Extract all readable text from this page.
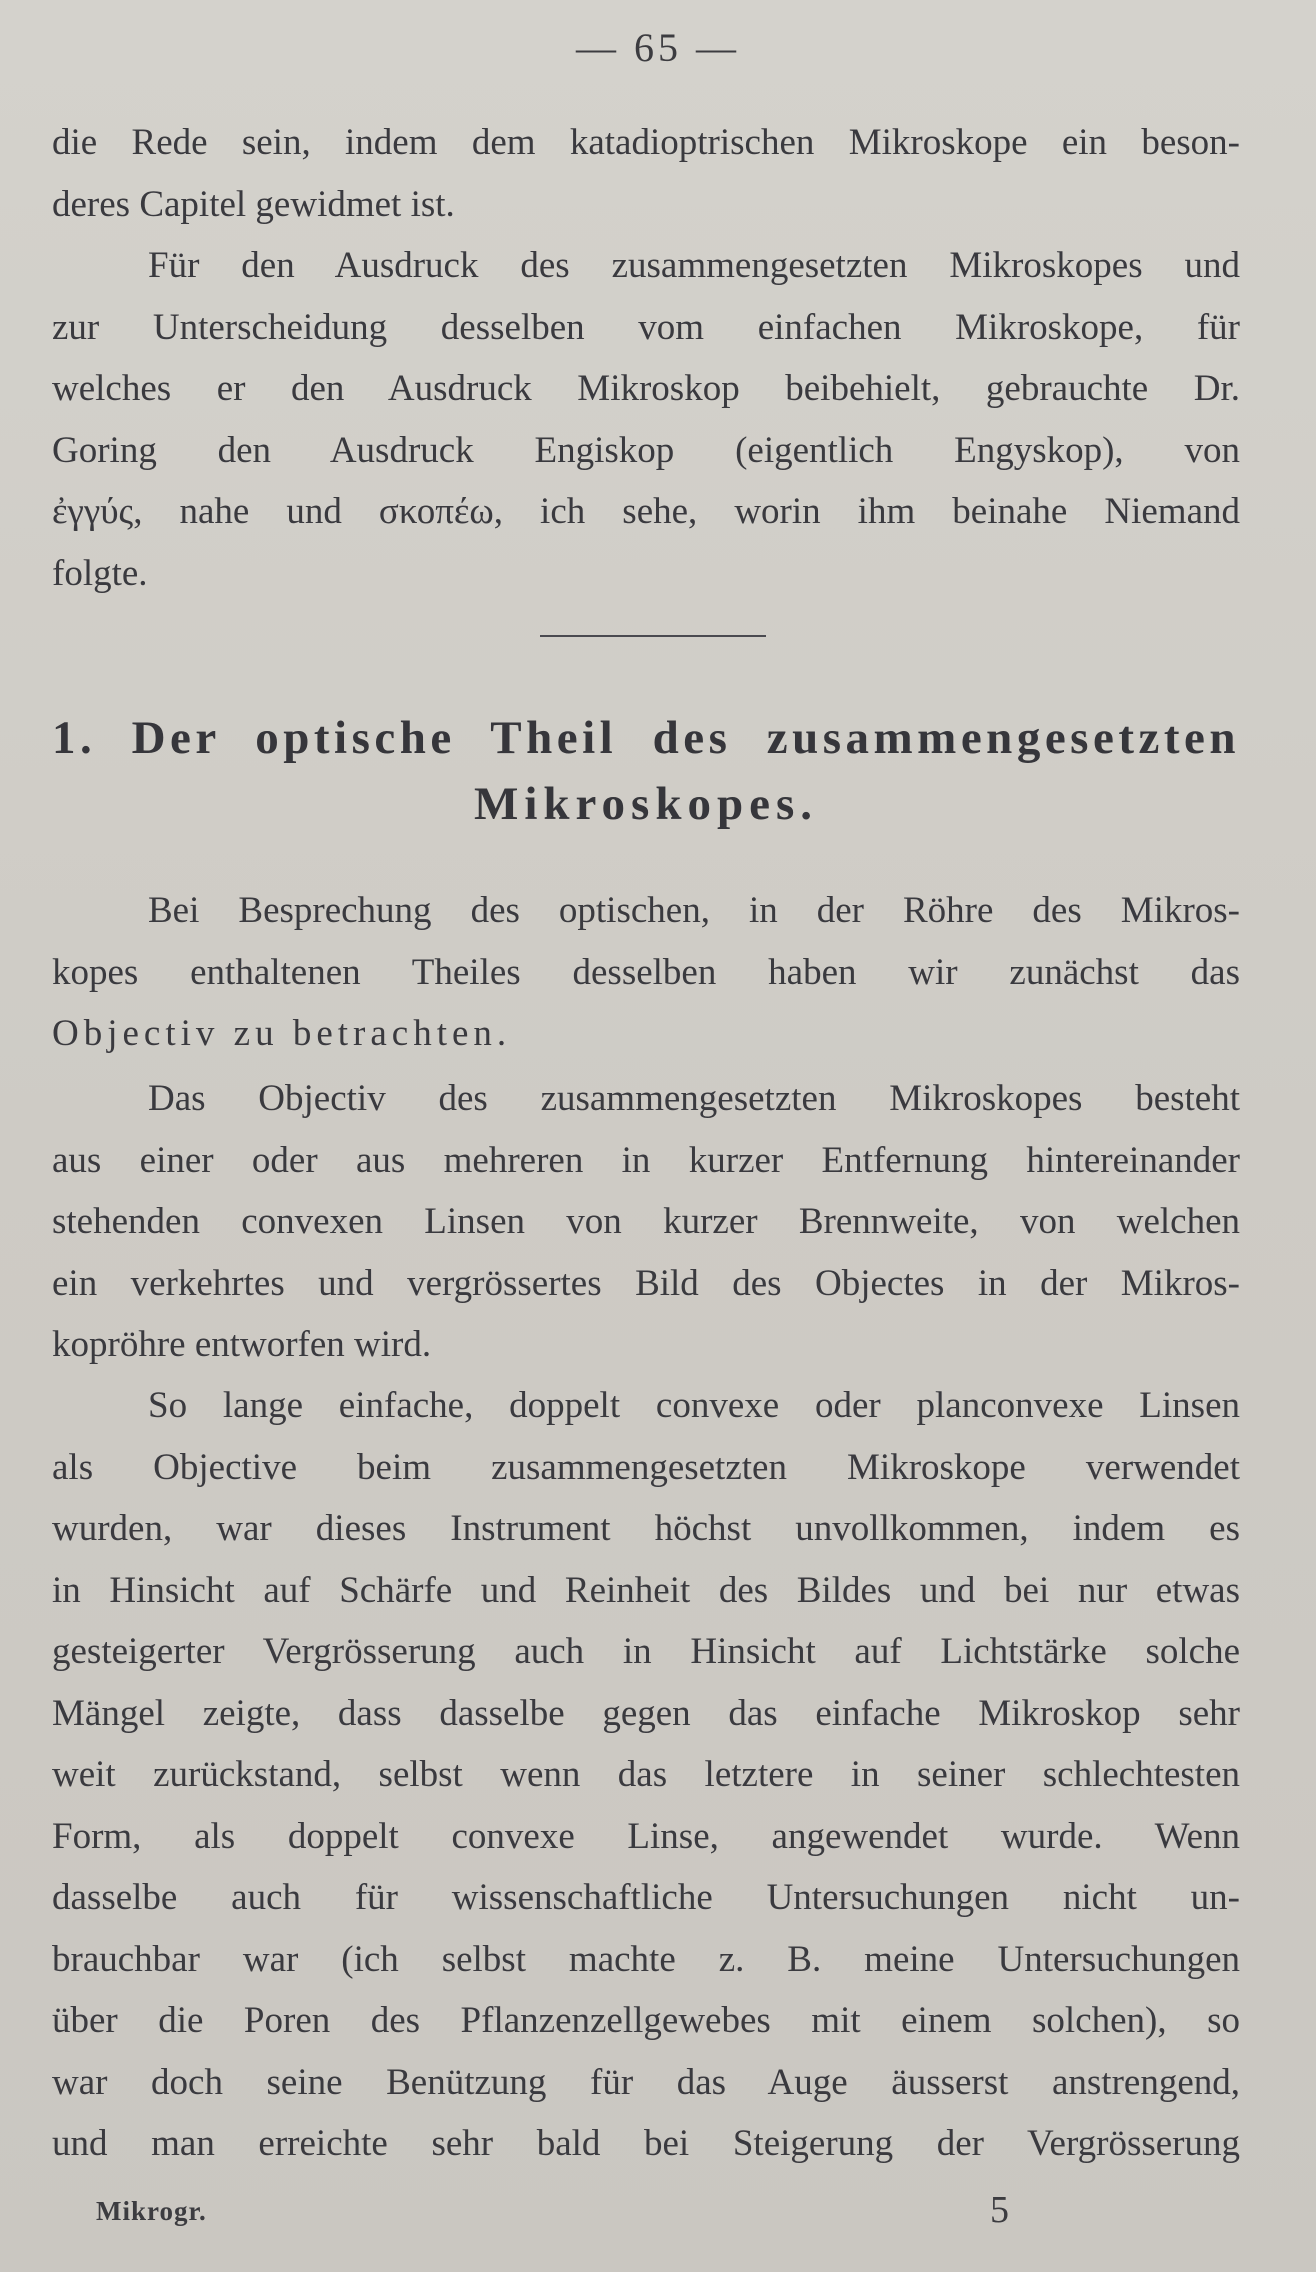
— 65 —
die Rede sein, indem dem katadioptrischen Mikroskope ein beson-
deres Capitel gewidmet ist.
Für den Ausdruck des zusammengesetzten Mikroskopes und
zur Unterscheidung desselben vom einfachen Mikroskope, für
welches er den Ausdruck Mikroskop beibehielt, gebrauchte Dr.
Goring den Ausdruck Engiskop (eigentlich Engyskop), von
ἐγγύς, nahe und σκοπέω, ich sehe, worin ihm beinahe Niemand
folgte.
1. Der optische Theil des zusammengesetzten
Mikroskopes.
Bei Besprechung des optischen, in der Röhre des Mikros-
kopes enthaltenen Theiles desselben haben wir zunächst das
Objectiv zu betrachten.
Das Objectiv des zusammengesetzten Mikroskopes besteht
aus einer oder aus mehreren in kurzer Entfernung hintereinander
stehenden convexen Linsen von kurzer Brennweite, von welchen
ein verkehrtes und vergrössertes Bild des Objectes in der Mikros-
kopröhre entworfen wird.
So lange einfache, doppelt convexe oder planconvexe Linsen
als Objective beim zusammengesetzten Mikroskope verwendet
wurden, war dieses Instrument höchst unvollkommen, indem es
in Hinsicht auf Schärfe und Reinheit des Bildes und bei nur etwas
gesteigerter Vergrösserung auch in Hinsicht auf Lichtstärke solche
Mängel zeigte, dass dasselbe gegen das einfache Mikroskop sehr
weit zurückstand, selbst wenn das letztere in seiner schlechtesten
Form, als doppelt convexe Linse, angewendet wurde. Wenn
dasselbe auch für wissenschaftliche Untersuchungen nicht un-
brauchbar war (ich selbst machte z. B. meine Untersuchungen
über die Poren des Pflanzenzellgewebes mit einem solchen), so
war doch seine Benützung für das Auge äusserst anstrengend,
und man erreichte sehr bald bei Steigerung der Vergrösserung
Mikrogr.	5
